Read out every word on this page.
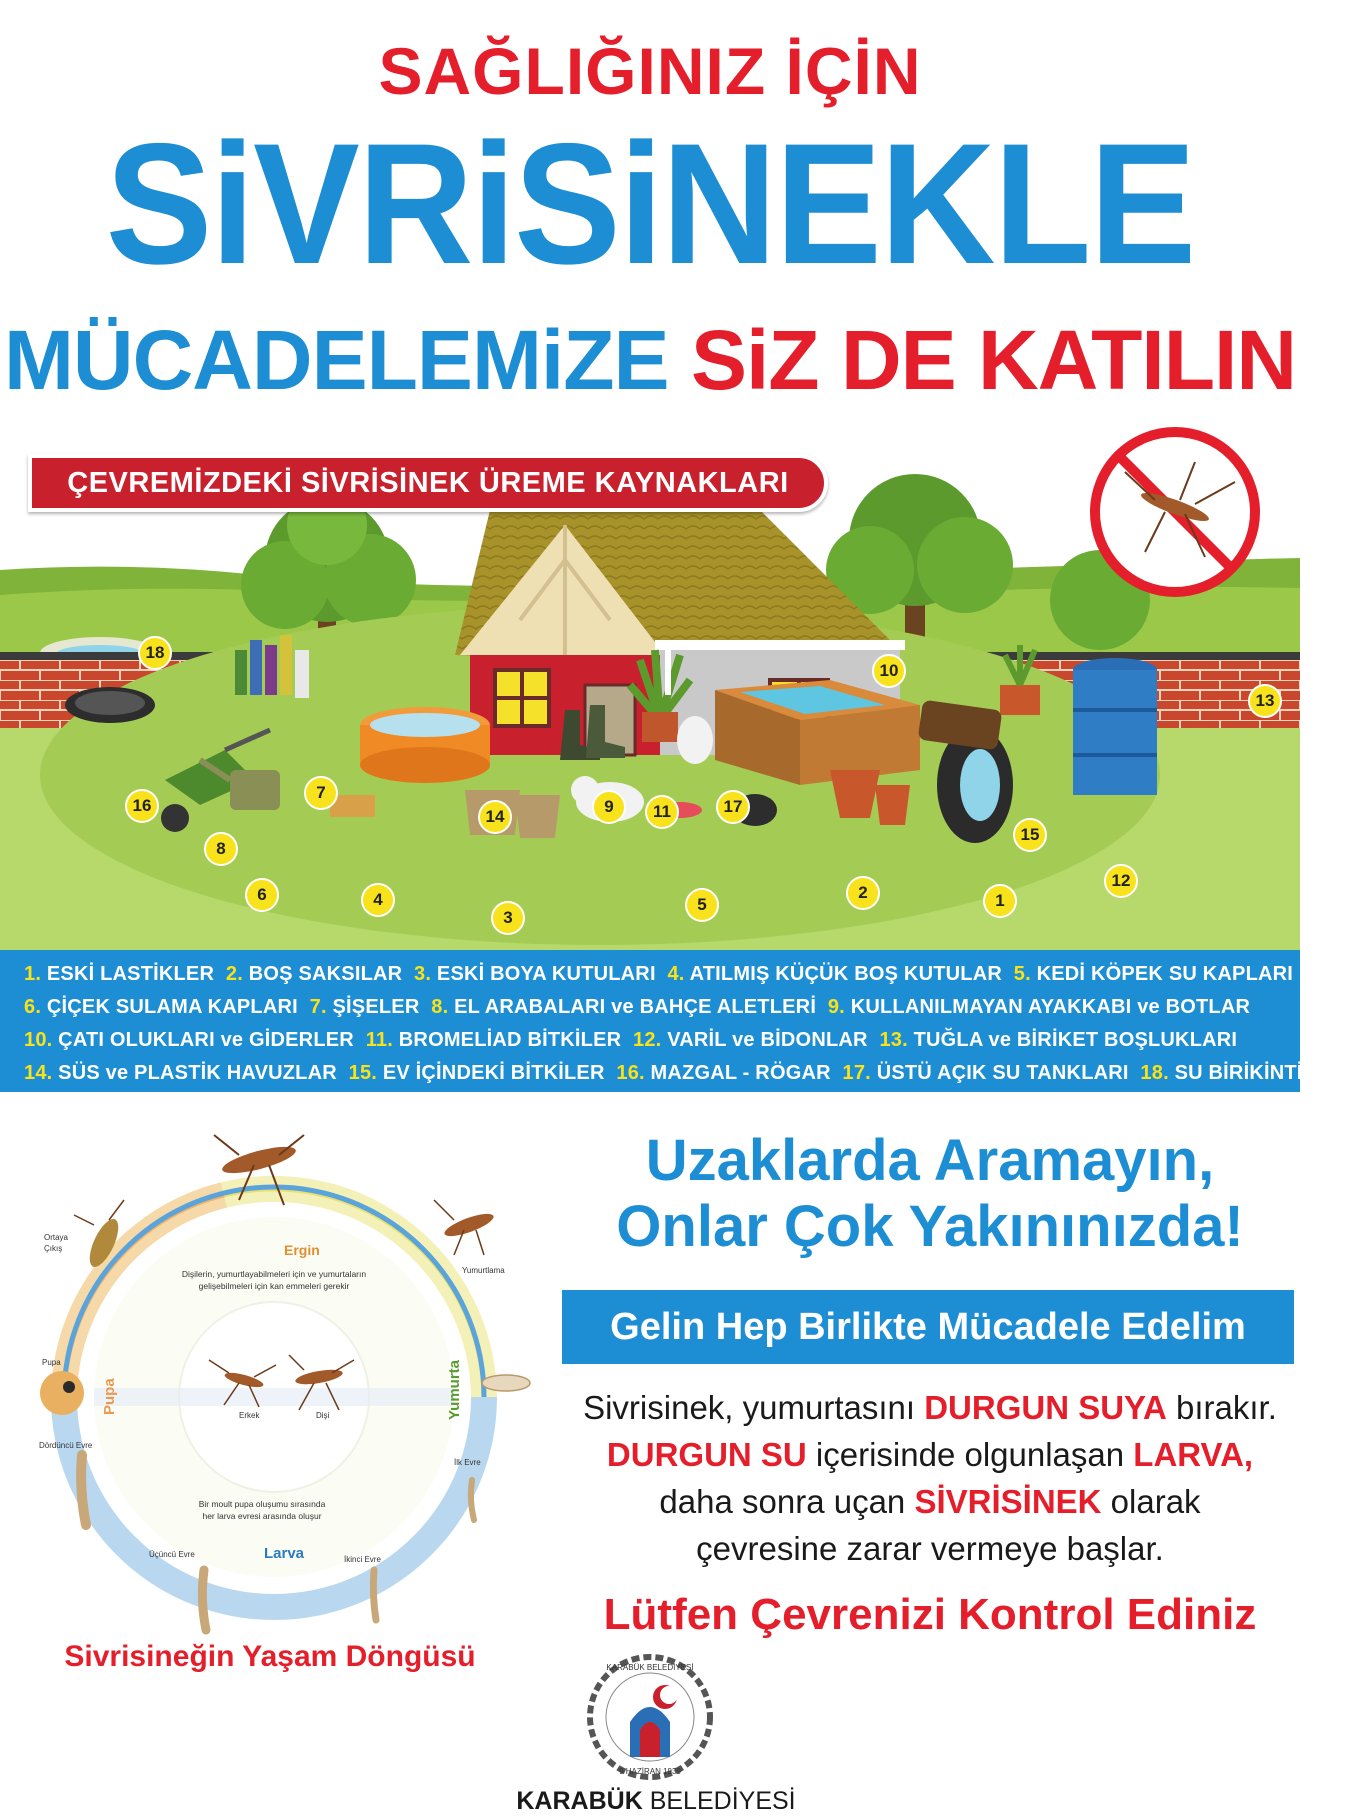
SAĞLIĞINIZ İÇİN
SiVRiSiNEKLE
MÜCADELEMiZE SiZ DE KATILIN
ÇEVREMİZDEKİ SİVRİSİNEK ÜREME KAYNAKLARI
1
2
3
4	5
6
7
8
9
10
11
12
13
14
15
16	17
18
1. ESKİ LASTİKLER 2. BOŞ SAKSILAR 3. ESKİ BOYA KUTULARI 4. ATILMIŞ KÜÇÜK BOŞ KUTULAR 5. KEDİ KÖPEK SU KAPLARI
6. ÇİÇEK SULAMA KAPLARI 7. ŞİŞELER 8. EL ARABALARI ve BAHÇE ALETLERİ 9. KULLANILMAYAN AYAKKABI ve BOTLAR
10. ÇATI OLUKLARI ve GİDERLER 11. BROMELİAD BİTKİLER 12. VARİL ve BİDONLAR 13. TUĞLA ve BİRİKET BOŞLUKLARI
14. SÜS ve PLASTİK HAVUZLAR 15. EV İÇİNDEKİ BİTKİLER 16. MAZGAL - RÖGAR 17. ÜSTÜ AÇIK SU TANKLARI 18. SU BİRİKİNTİLERİ
Ergin
Yumurta
Pupa
Larva
Dişilerin, yumurtlayabilmeleri için ve yumurtaların
gelişebilmeleri için kan emmeleri gerekir
Bir moult pupa oluşumu sırasında
her larva evresi arasında oluşur
Erkek	Dişi
Yumurtlama
Ortaya
Çıkış
Pupa
Dördüncü Evre
Üçüncü Evre
İkinci Evre
İlk Evre
Sivrisineğin Yaşam Döngüsü
Uzaklarda Aramayın,
Onlar Çok Yakınınızda!
Gelin Hep Birlikte Mücadele Edelim
Sivrisinek, yumurtasını DURGUN SUYA bırakır.
DURGUN SU içerisinde olgunlaşan LARVA,
daha sonra uçan SİVRİSİNEK olarak
çevresine zarar vermeye başlar.
Lütfen Çevrenizi Kontrol Ediniz
KARABÜK BELEDİYESİ
9 HAZİRAN 1939
KARABÜK BELEDİYESİ
